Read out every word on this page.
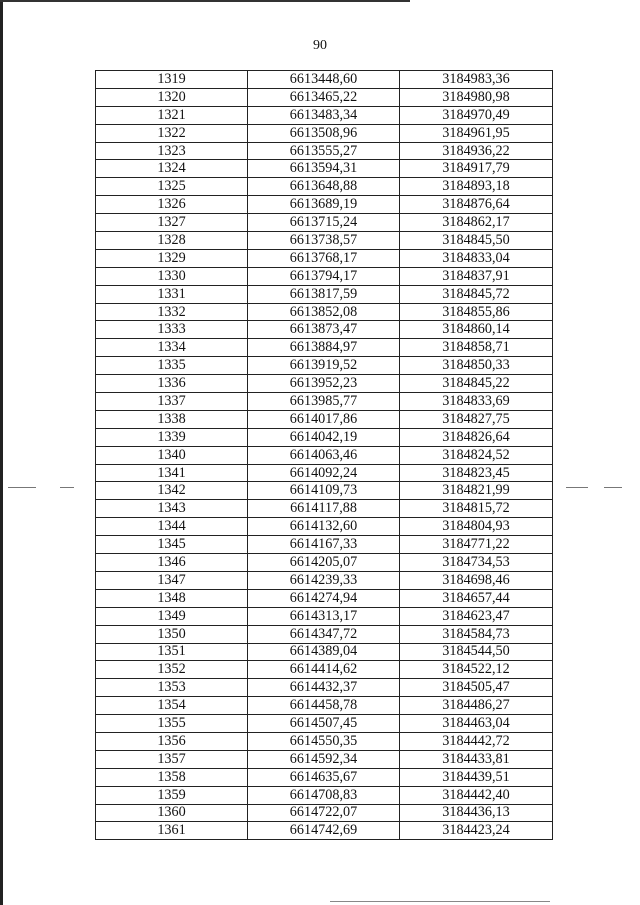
90
1319	6613448,60	3184983,36
1320	6613465,22	3184980,98
1321	6613483,34	3184970,49
1322	6613508,96	3184961,95
1323	6613555,27	3184936,22
1324	6613594,31	3184917,79
1325	6613648,88	3184893,18
1326	6613689,19	3184876,64
1327	6613715,24	3184862,17
1328	6613738,57	3184845,50
1329	6613768,17	3184833,04
1330	6613794,17	3184837,91
1331	6613817,59	3184845,72
1332	6613852,08	3184855,86
1333	6613873,47	3184860,14
1334	6613884,97	3184858,71
1335	6613919,52	3184850,33
1336	6613952,23	3184845,22
1337	6613985,77	3184833,69
1338	6614017,86	3184827,75
1339	6614042,19	3184826,64
1340	6614063,46	3184824,52
1341	6614092,24	3184823,45
1342	6614109,73	3184821,99
1343	6614117,88	3184815,72
1344	6614132,60	3184804,93
1345	6614167,33	3184771,22
1346	6614205,07	3184734,53
1347	6614239,33	3184698,46
1348	6614274,94	3184657,44
1349	6614313,17	3184623,47
1350	6614347,72	3184584,73
1351	6614389,04	3184544,50
1352	6614414,62	3184522,12
1353	6614432,37	3184505,47
1354	6614458,78	3184486,27
1355	6614507,45	3184463,04
1356	6614550,35	3184442,72
1357	6614592,34	3184433,81
1358	6614635,67	3184439,51
1359	6614708,83	3184442,40
1360	6614722,07	3184436,13
1361	6614742,69	3184423,24
